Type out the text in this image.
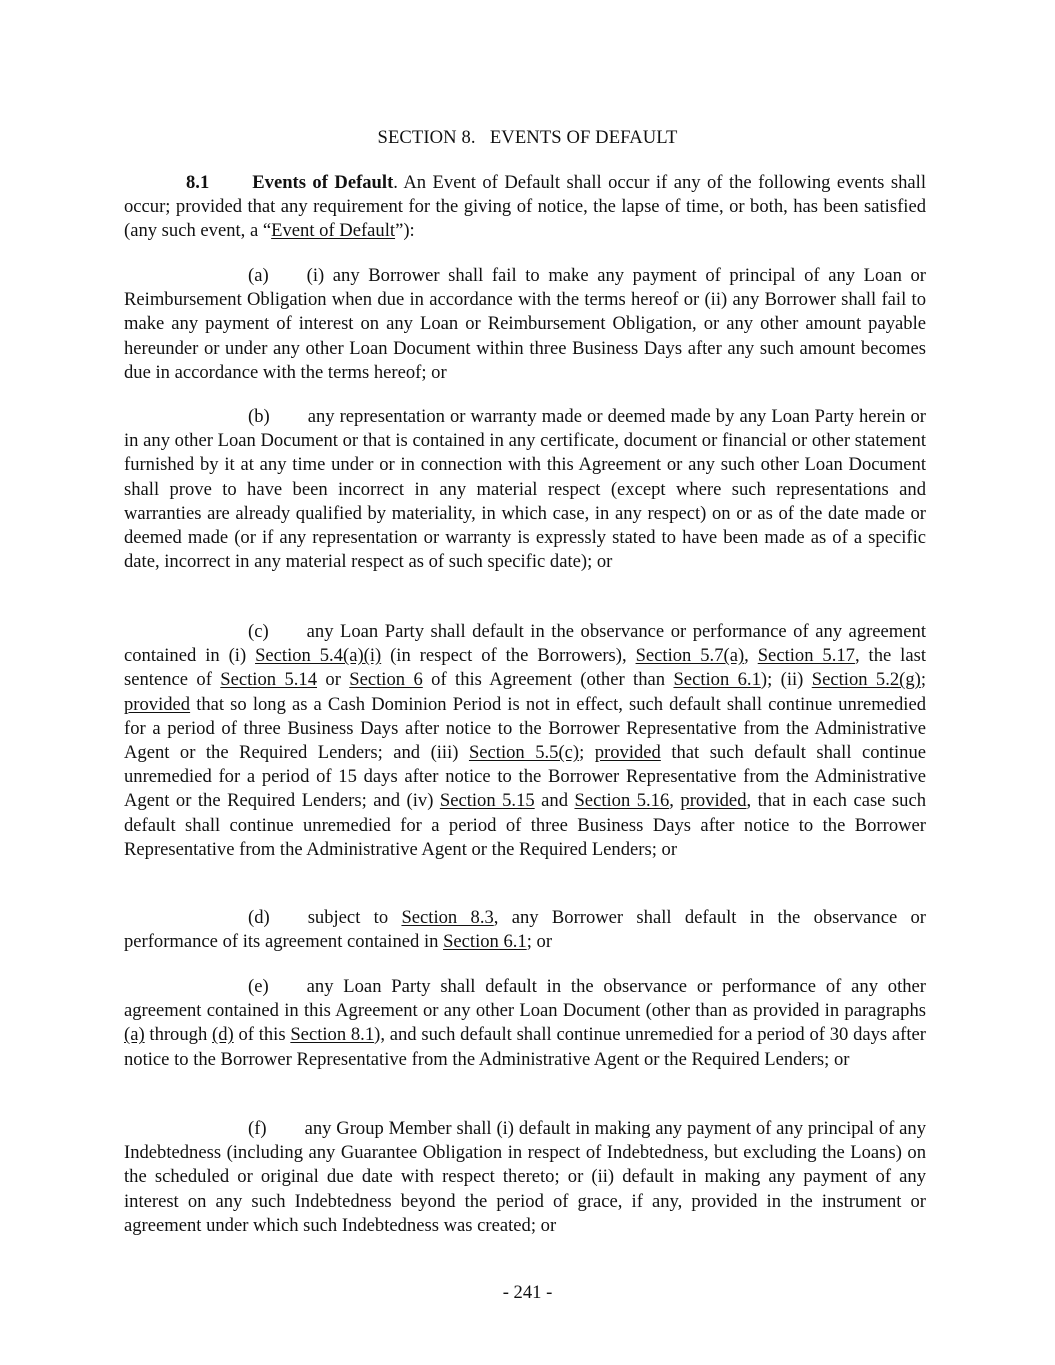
SECTION 8.   EVENTS OF DEFAULT

8.1 Events of Default. An Event of Default shall occur if any of the following events shall occur; provided that any requirement for the giving of notice, the lapse of time, or both, has been satisfied (any such event, a “Event of Default”):

(a) (i) any Borrower shall fail to make any payment of principal of any Loan or Reimbursement Obligation when due in accordance with the terms hereof or (ii) any Borrower shall fail to make any payment of interest on any Loan or Reimbursement Obligation, or any other amount payable hereunder or under any other Loan Document within three Business Days after any such amount becomes due in accordance with the terms hereof; or

(b) any representation or warranty made or deemed made by any Loan Party herein or in any other Loan Document or that is contained in any certificate, document or financial or other statement furnished by it at any time under or in connection with this Agreement or any such other Loan Document shall prove to have been incorrect in any material respect (except where such representations and warranties are already qualified by materiality, in which case, in any respect) on or as of the date made or deemed made (or if any representation or warranty is expressly stated to have been made as of a specific date, incorrect in any material respect as of such specific date); or

(c) any Loan Party shall default in the observance or performance of any agreement contained in (i) Section 5.4(a)(i) (in respect of the Borrowers), Section 5.7(a), Section 5.17, the last sentence of Section 5.14 or Section 6 of this Agreement (other than Section 6.1); (ii) Section 5.2(g); provided that so long as a Cash Dominion Period is not in effect, such default shall continue unremedied for a period of three Business Days after notice to the Borrower Representative from the Administrative Agent or the Required Lenders; and (iii) Section 5.5(c); provided that such default shall continue unremedied for a period of 15 days after notice to the Borrower Representative from the Administrative Agent or the Required Lenders; and (iv) Section 5.15 and Section 5.16, provided, that in each case such default shall continue unremedied for a period of three Business Days after notice to the Borrower Representative from the Administrative Agent or the Required Lenders; or

(d) subject to Section 8.3, any Borrower shall default in the observance or performance of its agreement contained in Section 6.1; or

(e) any Loan Party shall default in the observance or performance of any other agreement contained in this Agreement or any other Loan Document (other than as provided in paragraphs (a) through (d) of this Section 8.1), and such default shall continue unremedied for a period of 30 days after notice to the Borrower Representative from the Administrative Agent or the Required Lenders; or

(f) any Group Member shall (i) default in making any payment of any principal of any Indebtedness (including any Guarantee Obligation in respect of Indebtedness, but excluding the Loans) on the scheduled or original due date with respect thereto; or (ii) default in making any payment of any interest on any such Indebtedness beyond the period of grace, if any, provided in the instrument or agreement under which such Indebtedness was created; or

- 241 -
